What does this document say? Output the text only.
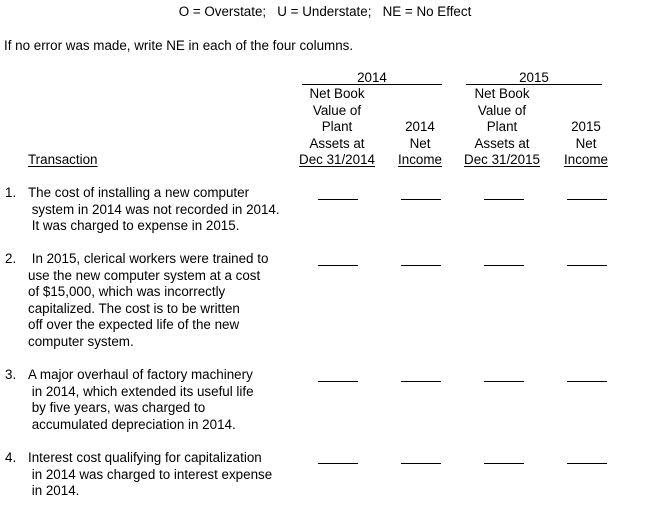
O = Overstate;   U = Understate;   NE = No Effect
If no error was made, write NE in each of the four columns.
2014	2015
Net Book
Value of
Plant
Assets at
Dec 31/2014

2014
Net
Income
Net Book
Value of
Plant
Assets at
Dec 31/2015

2015
Net
Income
Transaction
1. The cost of installing a new computer
system in 2014 was not recorded in 2014.
It was charged to expense in 2015.
2. In 2015, clerical workers were trained to
use the new computer system at a cost
of $15,000, which was incorrectly
capitalized. The cost is to be written
off over the expected life of the new
computer system.
3. A major overhaul of factory machinery
in 2014, which extended its useful life
by five years, was charged to
accumulated depreciation in 2014.
4. Interest cost qualifying for capitalization
in 2014 was charged to interest expense
in 2014.
